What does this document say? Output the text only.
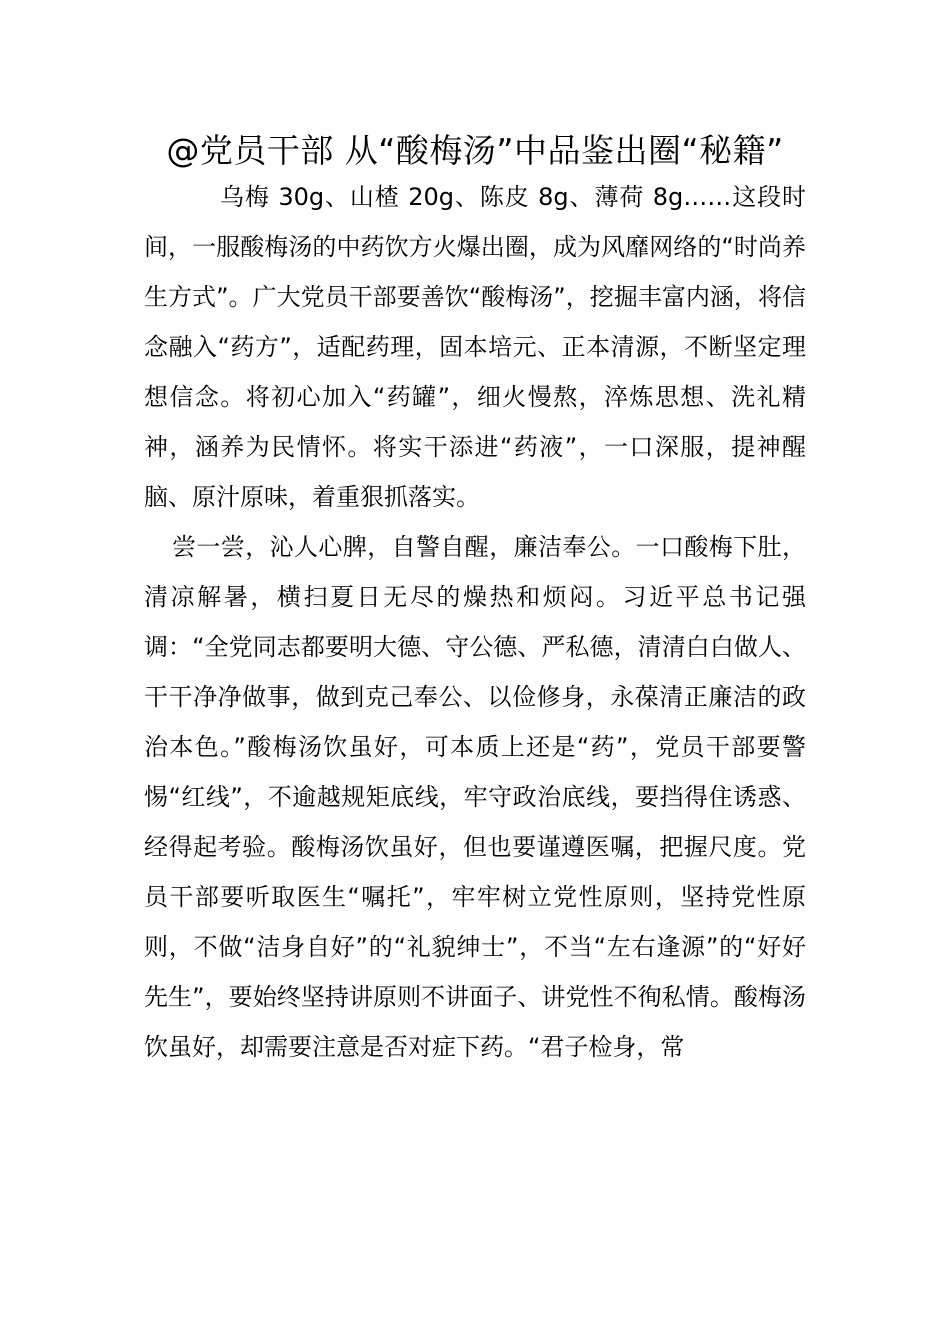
@党员干部 从“酸梅汤”中品鉴出圈“秘籍”

乌梅 30g、山楂 20g、陈皮 8g、薄荷 8g……这段时间，一服酸梅汤的中药饮方火爆出圈，成为风靡网络的“时尚养生方式”。广大党员干部要善饮“酸梅汤”，挖掘丰富内涵，将信念融入“药方”，适配药理，固本培元、正本清源，不断坚定理想信念。将初心加入“药罐”，细火慢熬，淬炼思想、洗礼精神，涵养为民情怀。将实干添进“药液”，一口深服，提神醒脑、原汁原味，着重狠抓落实。

尝一尝，沁人心脾，自警自醒，廉洁奉公。一口酸梅下肚，清凉解暑，横扫夏日无尽的燥热和烦闷。习近平总书记强调：“全党同志都要明大德、守公德、严私德，清清白白做人、干干净净做事，做到克己奉公、以俭修身，永葆清正廉洁的政治本色。”酸梅汤饮虽好，可本质上还是“药”，党员干部要警惕“红线”，不逾越规矩底线，牢守政治底线，要挡得住诱惑、经得起考验。酸梅汤饮虽好，但也要谨遵医嘱，把握尺度。党员干部要听取医生“嘱托”，牢牢树立党性原则，坚持党性原则，不做“洁身自好”的“礼貌绅士”，不当“左右逢源”的“好好先生”，要始终坚持讲原则不讲面子、讲党性不徇私情。酸梅汤饮虽好，却需要注意是否对症下药。“君子检身，常
